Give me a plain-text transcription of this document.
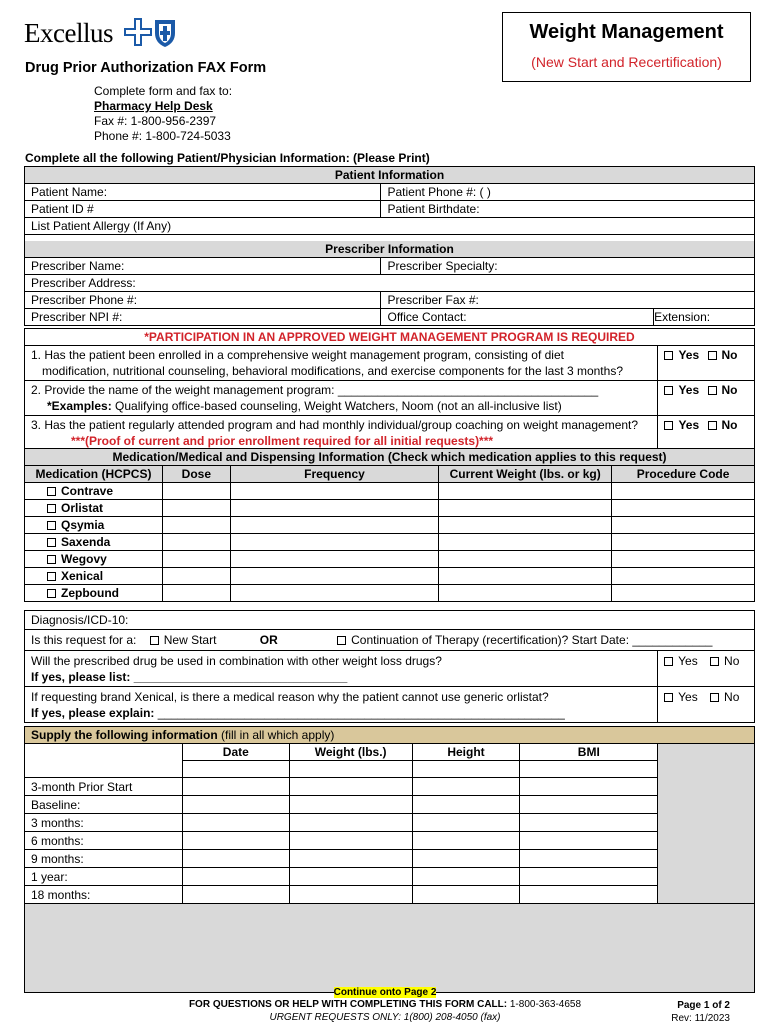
Excellus	Weight Management
(New Start and Recertification)
Drug Prior Authorization FAX Form
Complete form and fax to:
Pharmacy Help Desk
Fax #: 1-800-956-2397
Phone #: 1-800-724-5033
Complete all the following Patient/Physician Information: (Please Print)
Patient Information		
Patient Name:	Patient Phone #: ( )	
Patient ID #	Patient Birthdate:	
List Patient Allergy (If Any)		

Prescriber Information		
Prescriber Name:	Prescriber Specialty:	
Prescriber Address:		
Prescriber Phone #:	Prescriber Fax #:	
Prescriber NPI #:	Office Contact:	Extension:
*PARTICIPATION IN AN APPROVED WEIGHT MANAGEMENT PROGRAM IS REQUIRED	

1. Has the patient been enrolled in a comprehensive weight management program, consisting of diet
modification, nutritional counseling, behavioral modifications, and exercise components for the last 3 months?	Yes No

2. Provide the name of the weight management program: _______________________________________
*Examples: Qualifying office-based counseling, Weight Watchers, Noom (not an all-inclusive list)	Yes No

3. Has the patient regularly attended program and had monthly individual/group coaching on weight management?
***(Proof of current and prior enrollment required for all initial requests)***	Yes No
Medication/Medical and Dispensing Information (Check which medication applies to this request)				
Medication (HCPCS)	Dose	Frequency	Current Weight (lbs. or kg)	Procedure Code
Contrave				
Orlistat				
Qsymia				
Saxenda				
Wegovy				
Xenical				
Zepbound				
Diagnosis/ICD-10:	
Is this request for a: New Start OR Continuation of Therapy (recertification)? Start Date: ____________	

Will the prescribed drug be used in combination with other weight loss drugs?
If yes, please list: ________________________________	Yes No

If requesting brand Xenical, is there a medical reason why the patient cannot use generic orlistat?
If yes, please explain: _____________________________________________________________	Yes No
Supply the following information (fill in all which apply)					
	Date	Weight (lbs.)	Height	BMI	

3-month Prior Start					
Baseline:					
3 months:					
6 months:					
9 months:					
1 year:					
18 months:					

Continue onto Page 2
FOR QUESTIONS OR HELP WITH COMPLETING THIS FORM CALL: 1-800-363-4658
URGENT REQUESTS ONLY: 1(800) 208-4050 (fax)
Page 1 of 2
Rev: 11/2023
